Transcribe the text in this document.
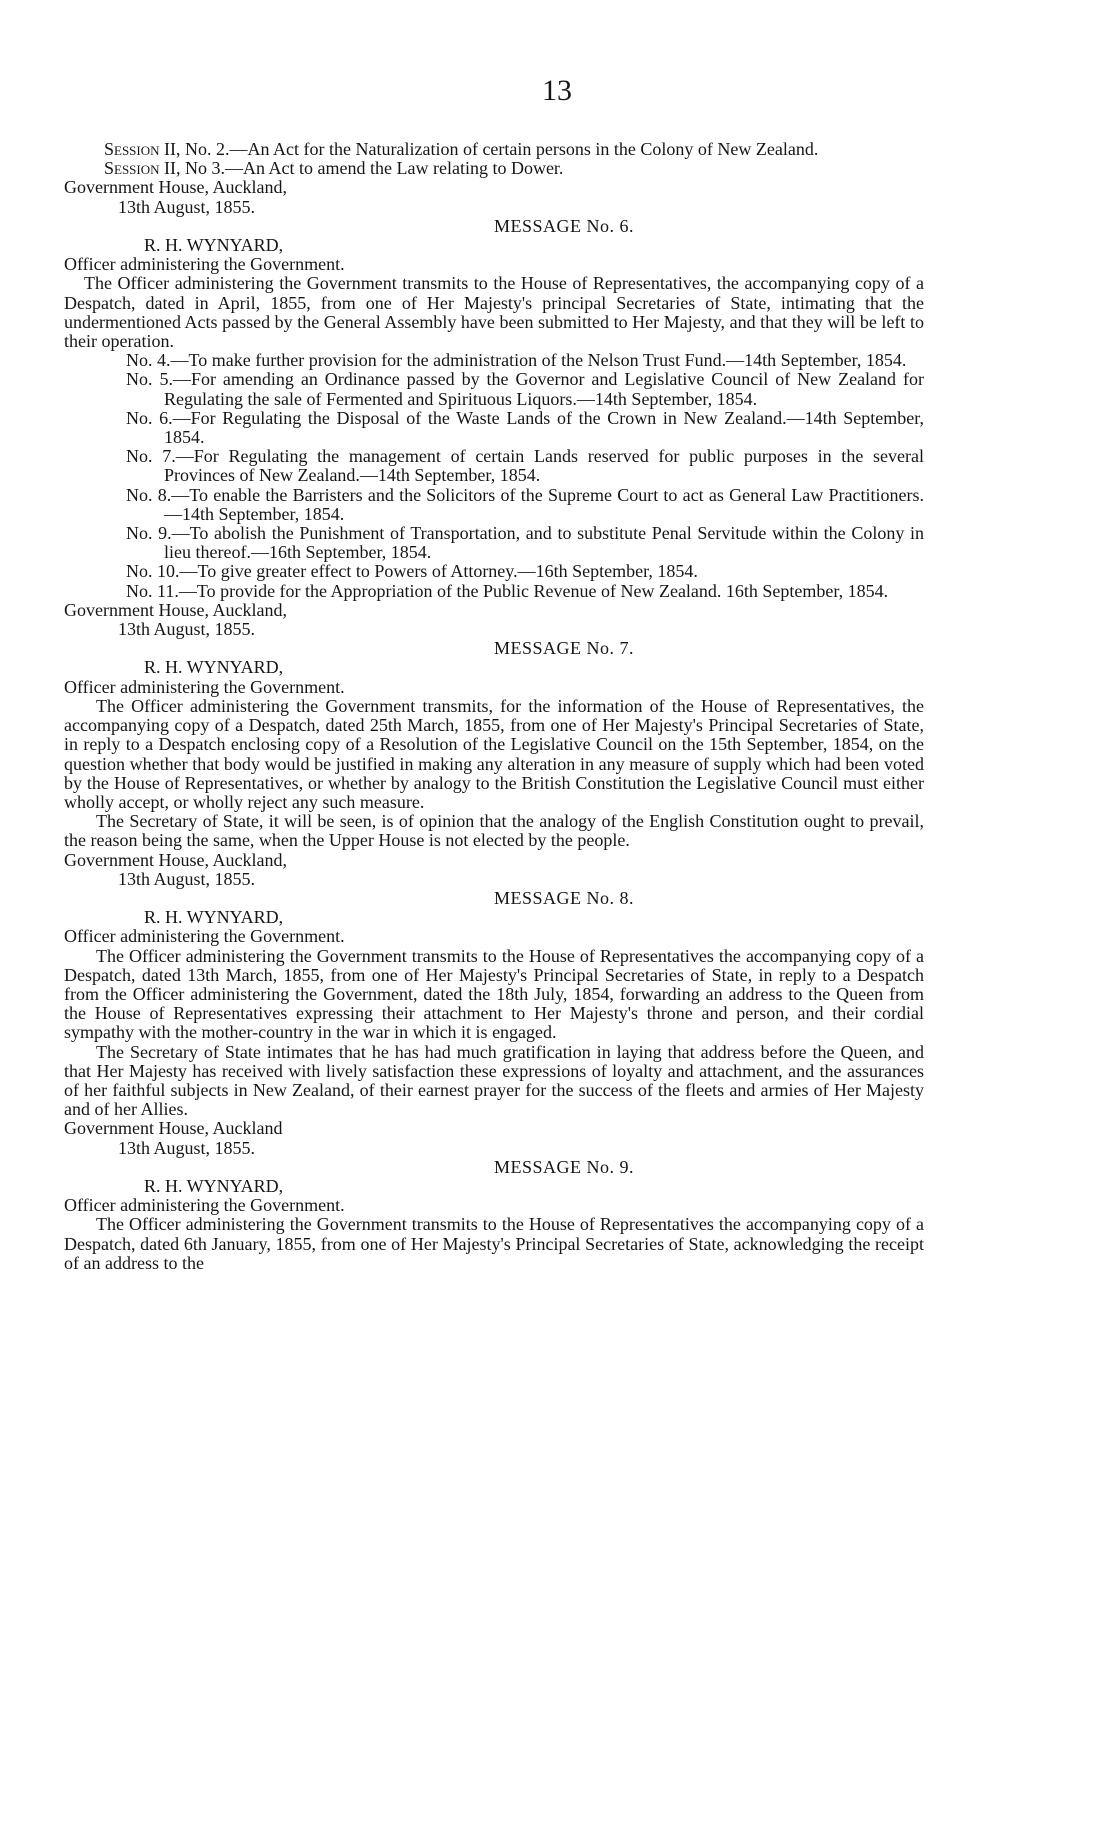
13

Session II, No. 2.—An Act for the Naturalization of certain persons in the Colony of New Zealand.

Session II, No 3.—An Act to amend the Law relating to Dower.

Government House, Auckland,

13th August, 1855.

MESSAGE No. 6.

R. H. WYNYARD,

Officer administering the Government.

The Officer administering the Government transmits to the House of Representatives, the accompanying copy of a Despatch, dated in April, 1855, from one of Her Majesty's principal Secretaries of State, intimating that the undermentioned Acts passed by the General Assembly have been submitted to Her Majesty, and that they will be left to their operation.

No. 4.—To make further provision for the administration of the Nelson Trust Fund.—14th September, 1854.

No. 5.—For amending an Ordinance passed by the Governor and Legislative Council of New Zealand for Regulating the sale of Fermented and Spirituous Liquors.—14th September, 1854.

No. 6.—For Regulating the Disposal of the Waste Lands of the Crown in New Zealand.—14th September, 1854.

No. 7.—For Regulating the management of certain Lands reserved for public purposes in the several Provinces of New Zealand.—14th September, 1854.

No. 8.—To enable the Barristers and the Solicitors of the Supreme Court to act as General Law Practitioners.—14th September, 1854.

No. 9.—To abolish the Punishment of Transportation, and to substitute Penal Servitude within the Colony in lieu thereof.—16th September, 1854.

No. 10.—To give greater effect to Powers of Attorney.—16th September, 1854.

No. 11.—To provide for the Appropriation of the Public Revenue of New Zealand. 16th September, 1854.

Government House, Auckland,

13th August, 1855.

MESSAGE No. 7.

R. H. WYNYARD,

Officer administering the Government.

The Officer administering the Government transmits, for the information of the House of Representatives, the accompanying copy of a Despatch, dated 25th March, 1855, from one of Her Majesty's Principal Secretaries of State, in reply to a Despatch enclosing copy of a Resolution of the Legislative Council on the 15th September, 1854, on the question whether that body would be justified in making any alteration in any measure of supply which had been voted by the House of Representatives, or whether by analogy to the British Constitution the Legislative Council must either wholly accept, or wholly reject any such measure.

The Secretary of State, it will be seen, is of opinion that the analogy of the English Constitution ought to prevail, the reason being the same, when the Upper House is not elected by the people.

Government House, Auckland,

13th August, 1855.

MESSAGE No. 8.

R. H. WYNYARD,

Officer administering the Government.

The Officer administering the Government transmits to the House of Representatives the accompanying copy of a Despatch, dated 13th March, 1855, from one of Her Majesty's Principal Secretaries of State, in reply to a Despatch from the Officer administering the Government, dated the 18th July, 1854, forwarding an address to the Queen from the House of Representatives expressing their attachment to Her Majesty's throne and person, and their cordial sympathy with the mother-country in the war in which it is engaged.

The Secretary of State intimates that he has had much gratification in laying that address before the Queen, and that Her Majesty has received with lively satisfaction these expressions of loyalty and attachment, and the assurances of her faithful subjects in New Zealand, of their earnest prayer for the success of the fleets and armies of Her Majesty and of her Allies.

Government House, Auckland

13th August, 1855.

MESSAGE No. 9.

R. H. WYNYARD,

Officer administering the Government.

The Officer administering the Government transmits to the House of Representatives the accompanying copy of a Despatch, dated 6th January, 1855, from one of Her Majesty's Principal Secretaries of State, acknowledging the receipt of an address to the
